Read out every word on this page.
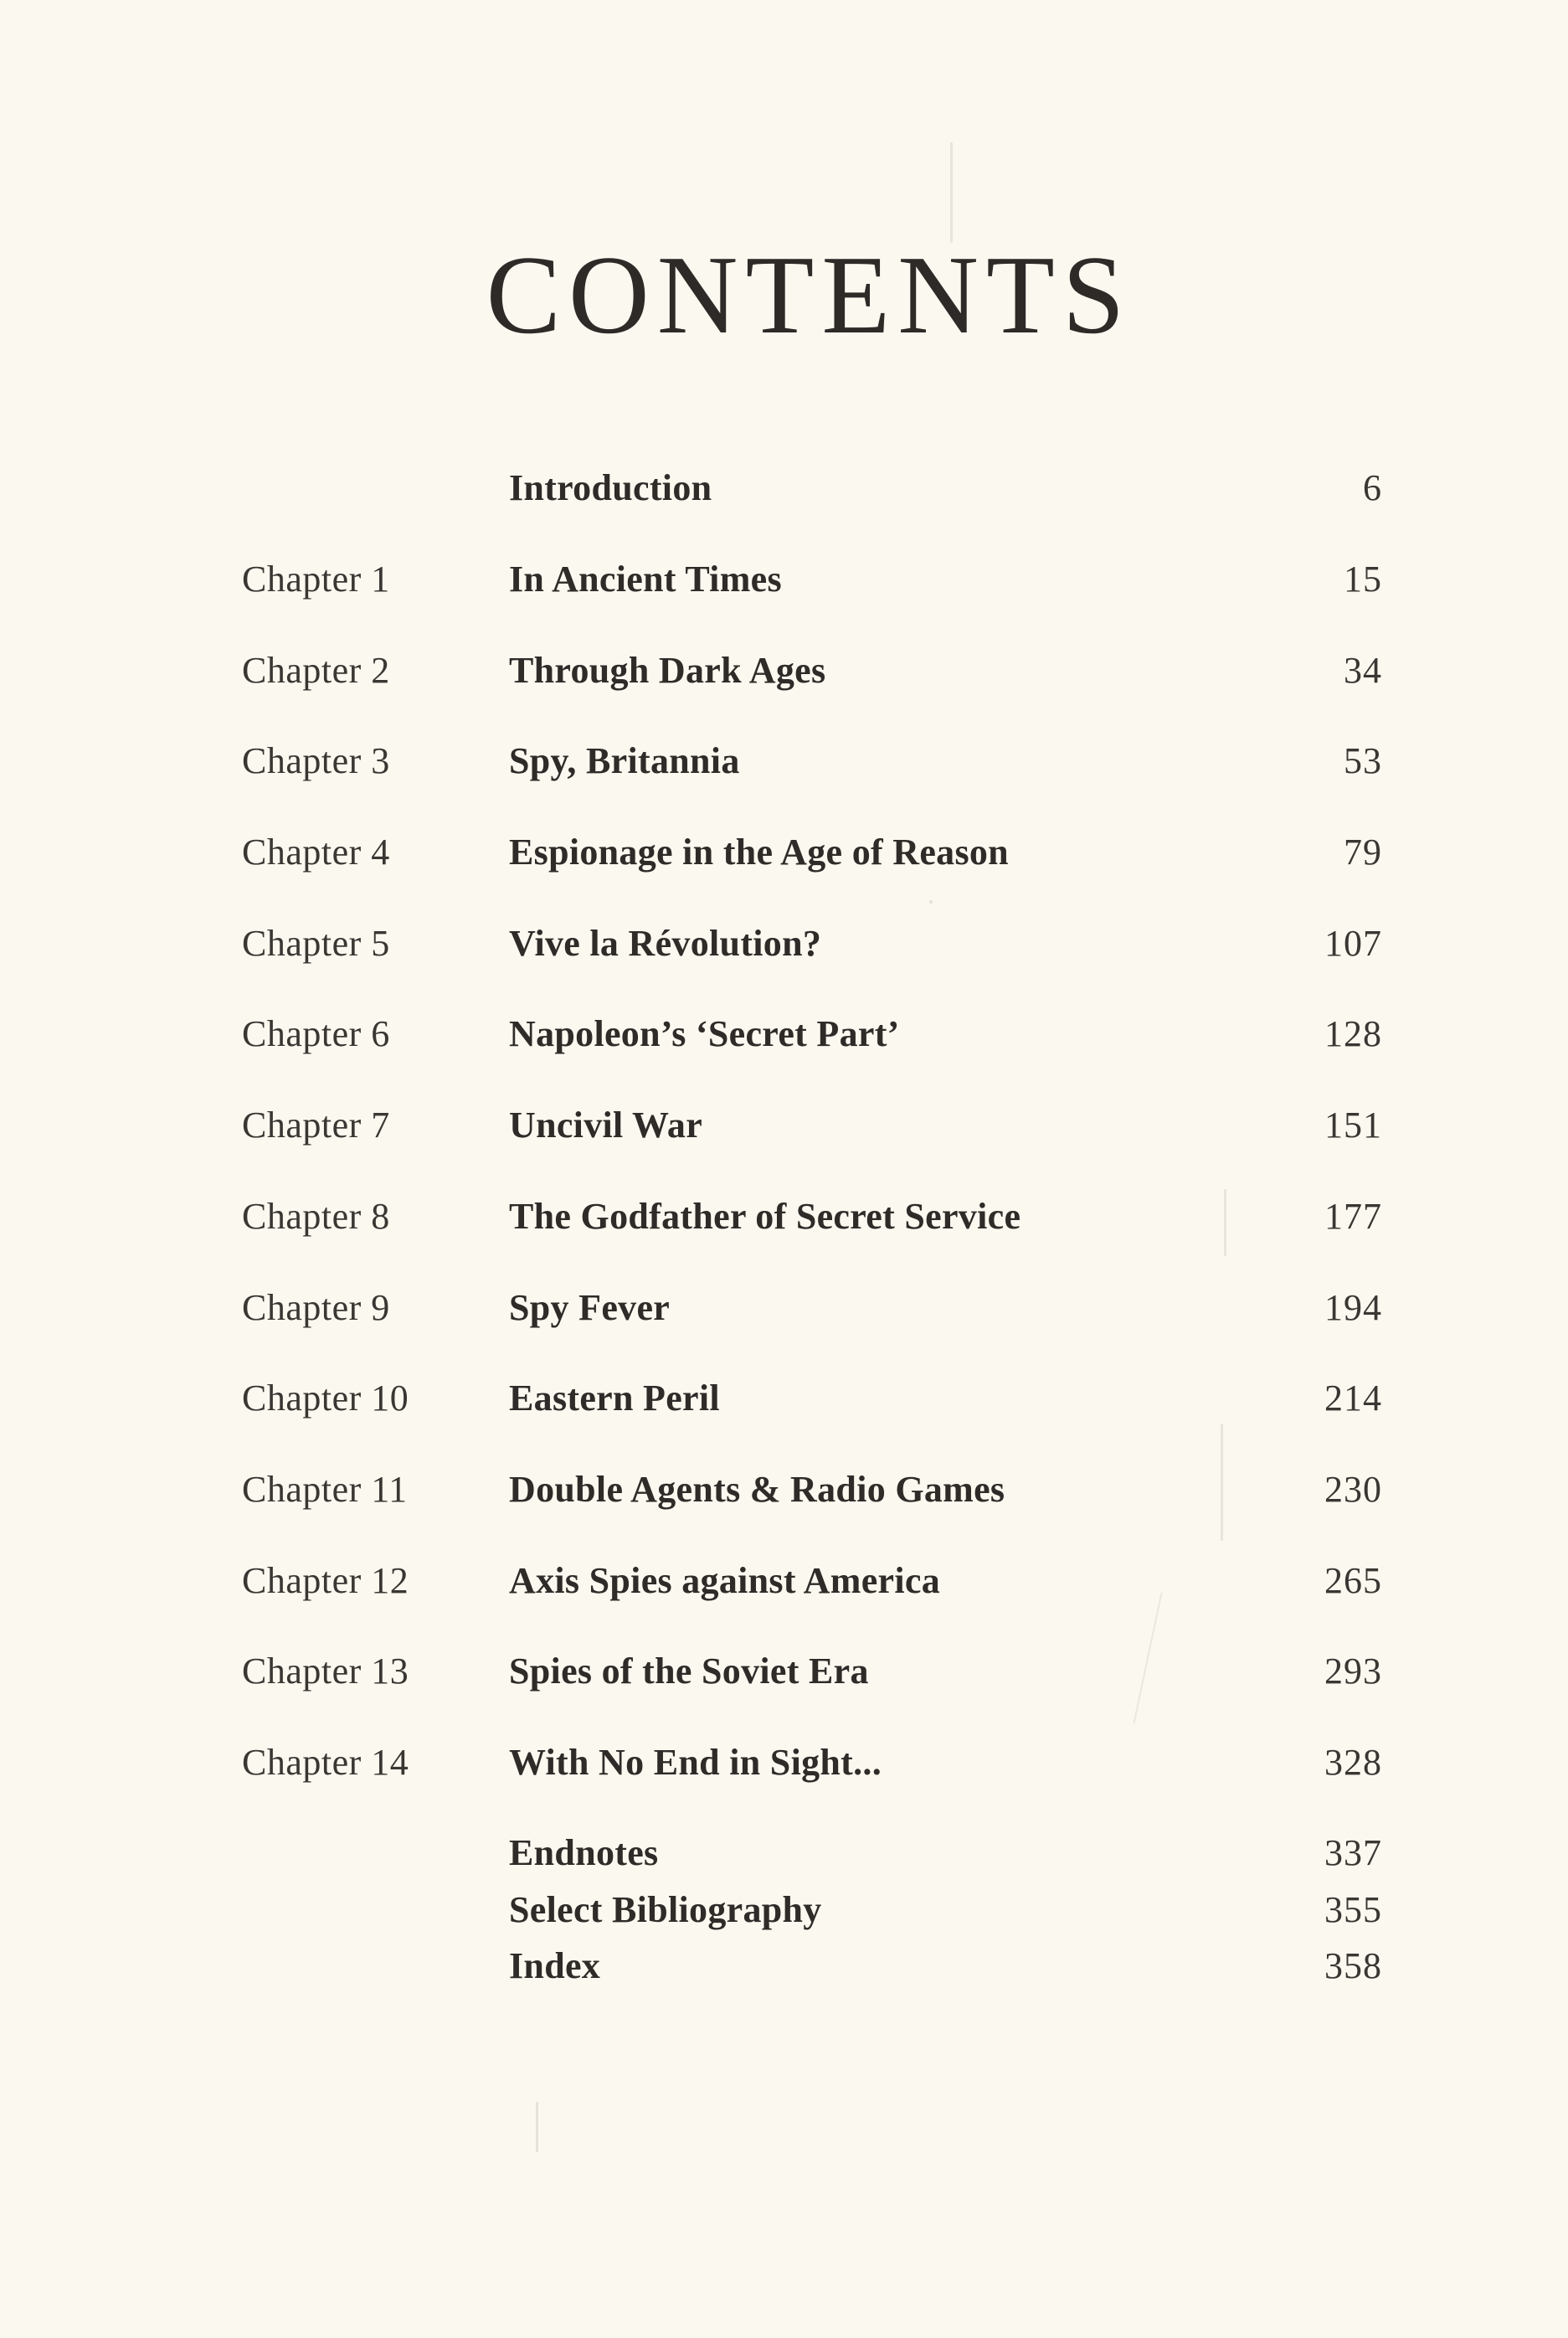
CONTENTS
Introduction	6
Chapter 1	In Ancient Times	15
Chapter 2	Through Dark Ages	34
Chapter 3	Spy, Britannia	53
Chapter 4	Espionage in the Age of Reason	79
Chapter 5	Vive la Révolution?	107
Chapter 6	Napoleon’s ‘Secret Part’	128
Chapter 7	Uncivil War	151
Chapter 8	The Godfather of Secret Service	177
Chapter 9	Spy Fever	194
Chapter 10	Eastern Peril	214
Chapter 11	Double Agents & Radio Games	230
Chapter 12	Axis Spies against America	265
Chapter 13	Spies of the Soviet Era	293
Chapter 14	With No End in Sight...	328
Endnotes	337
Select Bibliography	355
Index	358
